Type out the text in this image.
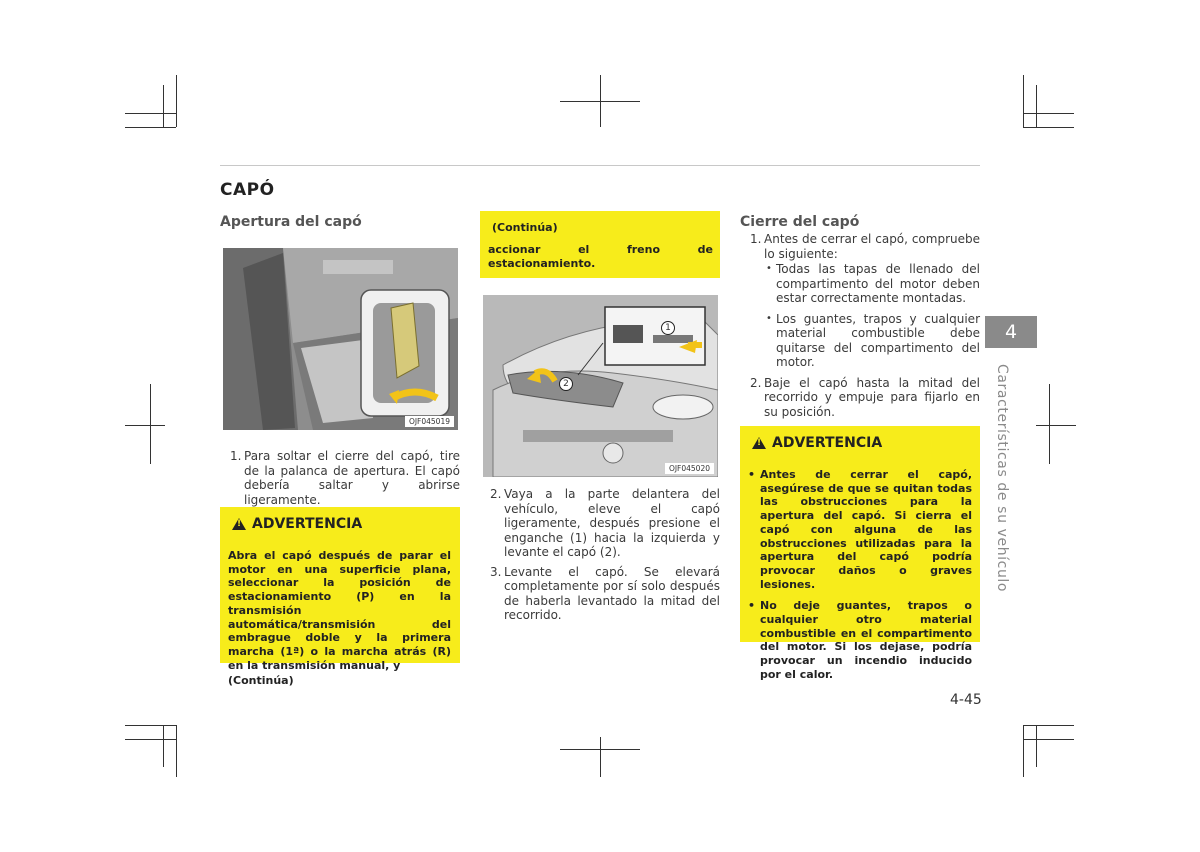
CAPÓ
Apertura del capó
OJF045019
1. Para soltar el cierre del capó, tire de la palanca de apertura. El capó debería saltar y abrirse ligeramente.
!
ADVERTENCIA
Abra el capó después de parar el motor en una superficie plana, seleccionar la posición de estacionamiento (P) en la transmisión automática/transmisión del embrague doble y la primera marcha (1ª) o la marcha atrás (R) en la transmisión manual, y
(Continúa)
(Continúa)
accionar el freno de estacionamiento.
1
2
OJF045020
2. Vaya a la parte delantera del vehículo, eleve el capó ligeramente, después presione el enganche (1) hacia la izquierda y levante el capó (2).
3. Levante el capó. Se elevará completamente por sí solo después de haberla levantado la mitad del recorrido.
Cierre del capó
1. Antes de cerrar el capó, compruebe lo siguiente:
• Todas las tapas de llenado del compartimento del motor deben estar correctamente montadas.
• Los guantes, trapos y cualquier material combustible debe quitarse del compartimento del motor.
2. Baje el capó hasta la mitad del recorrido y empuje para fijarlo en su posición.
!
ADVERTENCIA
• Antes de cerrar el capó, asegúrese de que se quitan todas las obstrucciones para la apertura del capó. Si cierra el capó con alguna de las obstrucciones utilizadas para la apertura del capó podría provocar daños o graves lesiones.
• No deje guantes, trapos o cualquier otro material combustible en el compartimento del motor. Si los dejase, podría provocar un incendio inducido por el calor.
4
Características de su vehículo
4-45
